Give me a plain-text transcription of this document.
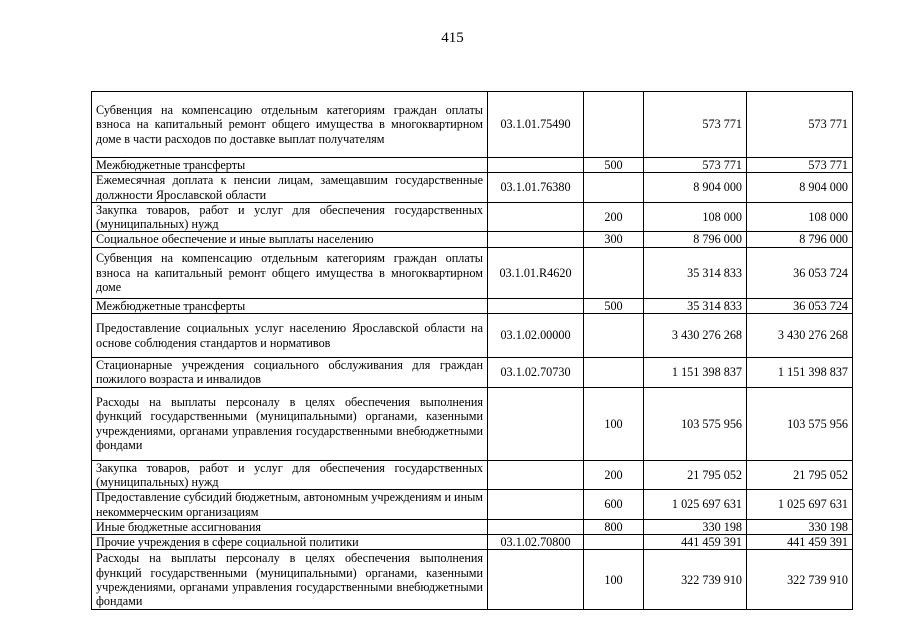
415
Субвенция на компенсацию отдельным категориям граждан оплаты взноса на капитальный ремонт общего имущества в многоквартирном доме в части расходов по доставке выплат получателям	03.1.01.75490		573 771	573 771
Межбюджетные трансферты		500	573 771	573 771
Ежемесячная доплата к пенсии лицам, замещавшим государственные должности Ярославской области	03.1.01.76380		8 904 000	8 904 000
Закупка товаров, работ и услуг для обеспечения государственных (муниципальных) нужд		200	108 000	108 000
Социальное обеспечение и иные выплаты населению		300	8 796 000	8 796 000
Субвенция на компенсацию отдельным категориям граждан оплаты взноса на капитальный ремонт общего имущества в многоквартирном доме	03.1.01.R4620		35 314 833	36 053 724
Межбюджетные трансферты		500	35 314 833	36 053 724
Предоставление социальных услуг населению Ярославской области на основе соблюдения стандартов и нормативов	03.1.02.00000		3 430 276 268	3 430 276 268
Стационарные учреждения социального обслуживания для граждан пожилого возраста и инвалидов	03.1.02.70730		1 151 398 837	1 151 398 837
Расходы на выплаты персоналу в целях обеспечения выполнения функций государственными (муниципальными) органами, казенными учреждениями, органами управления государственными внебюджетными фондами		100	103 575 956	103 575 956
Закупка товаров, работ и услуг для обеспечения государственных (муниципальных) нужд		200	21 795 052	21 795 052
Предоставление субсидий бюджетным, автономным учреждениям и иным некоммерческим организациям		600	1 025 697 631	1 025 697 631
Иные бюджетные ассигнования		800	330 198	330 198
Прочие учреждения в сфере социальной политики	03.1.02.70800		441 459 391	441 459 391
Расходы на выплаты персоналу в целях обеспечения выполнения функций государственными (муниципальными) органами, казенными учреждениями, органами управления государственными внебюджетными фондами		100	322 739 910	322 739 910
